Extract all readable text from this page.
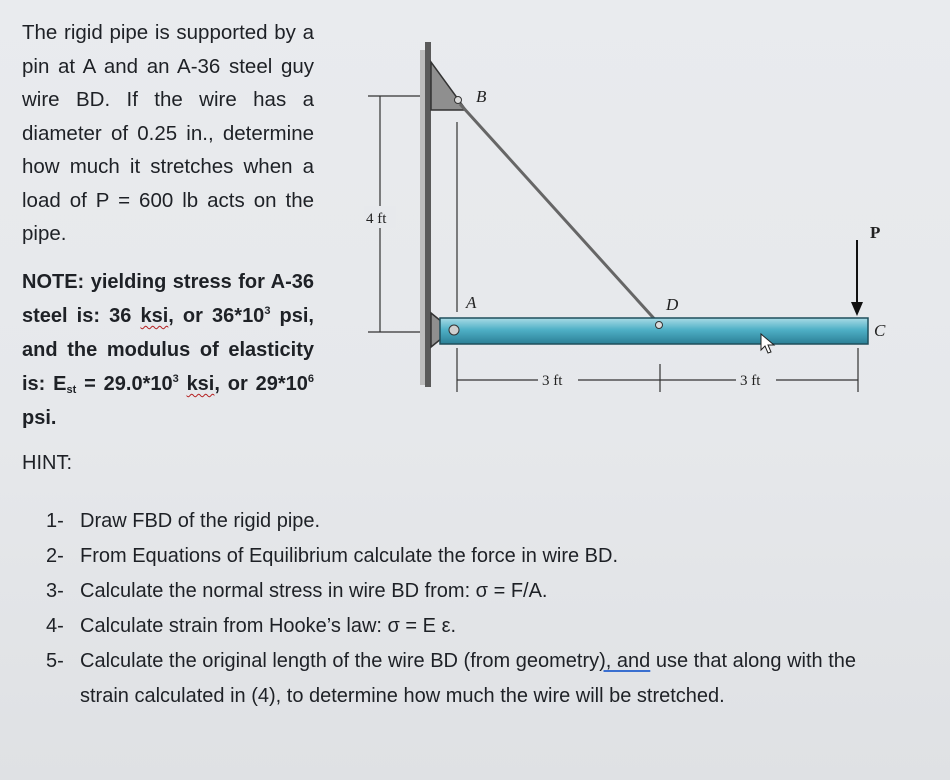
The rigid pipe is supported by a pin at A and an A-36 steel guy wire BD. If the wire has a diameter of 0.25 in., determine how much it stretches when a load of P = 600 lb acts on the pipe.

NOTE: yielding stress for A-36 steel is: 36 ksi, or $36*10^3$ psi, and the modulus of elasticity is: $E_{st} = 29.0*10^3$ ksi, or $29*10^6$ psi.

HINT:

1- Draw FBD of the rigid pipe.
2- From Equations of Equilibrium calculate the force in wire BD.
3- Calculate the normal stress in wire BD from: σ = F/A.
4- Calculate strain from Hooke’s law: σ = E ε.
5- Calculate the original length of the wire BD (from geometry), and use that along with the strain calculated in (4), to determine how much the wire will be stretched.
4 ft
B
A	D
C
P
3 ft	3 ft
